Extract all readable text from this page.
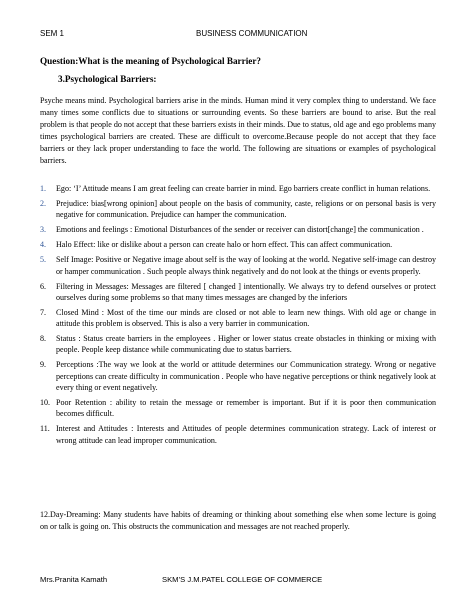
SEM 1	BUSINESS COMMUNICATION
Question:What is the meaning of Psychological Barrier?
3.Psychological Barriers:

Psyche means mind. Psychological barriers arise in the minds. Human mind it very complex thing to understand. We face many times some conflicts due to situations or surrounding events. So these barriers are bound to arise. But the real problem is that people do not accept that these barriers exists in their minds. Due to status, old age and ego problems many times psychological barriers are created. These are difficult to overcome.Because people do not accept that they face barriers or they lack proper understanding to face the world. The following are situations or examples of psychological barriers.

1. Ego: ‘I’ Attitude means I am great feeling can create barrier in mind. Ego barriers create conflict in human relations.
2. Prejudice: bias[wrong opinion] about people on the basis of community, caste, religions or on personal basis is very negative for communication. Prejudice can hamper the communication.
3. Emotions and feelings : Emotional Disturbances of the sender or receiver can distort[change] the communication .
4. Halo Effect: like or dislike about a person can create halo or horn effect. This can affect communication.
5. Self Image: Positive or Negative image about self is the way of looking at the world. Negative self-image can destroy or hamper communication . Such people always think negatively and do not look at the things or events properly.
6. Filtering in Messages: Messages are filtered [ changed ] intentionally. We always try to defend ourselves or protect ourselves during some problems so that many times messages are changed by the inferiors
7. Closed Mind : Most of the time our minds are closed or not able to learn new things. With old age or change in attitude this problem is observed. This is also a very barrier in communication.
8. Status : Status create barriers in the employees . Higher or lower status create obstacles in thinking or mixing with people. People keep distance while communicating due to status barriers.
9. Perceptions :The way we look at the world or attitude determines our Communication strategy. Wrong or negative perceptions can create difficulty in communication . People who have negative perceptions or think negatively look at every thing or event negatively.
10. Poor Retention : ability to retain the message or remember is important. But if it is poor then communication becomes difficult.
11. Interest and Attitudes : Interests and Attitudes of people determines communication strategy. Lack of interest or wrong attitude can lead improper communication.

12.Day-Dreaming: Many students have habits of dreaming or thinking about something else when some lecture is going on or talk is going on. This obstructs the communication and messages are not reached properly.

Mrs.Pranita Kamath	SKM’S J.M.PATEL COLLEGE OF COMMERCE
